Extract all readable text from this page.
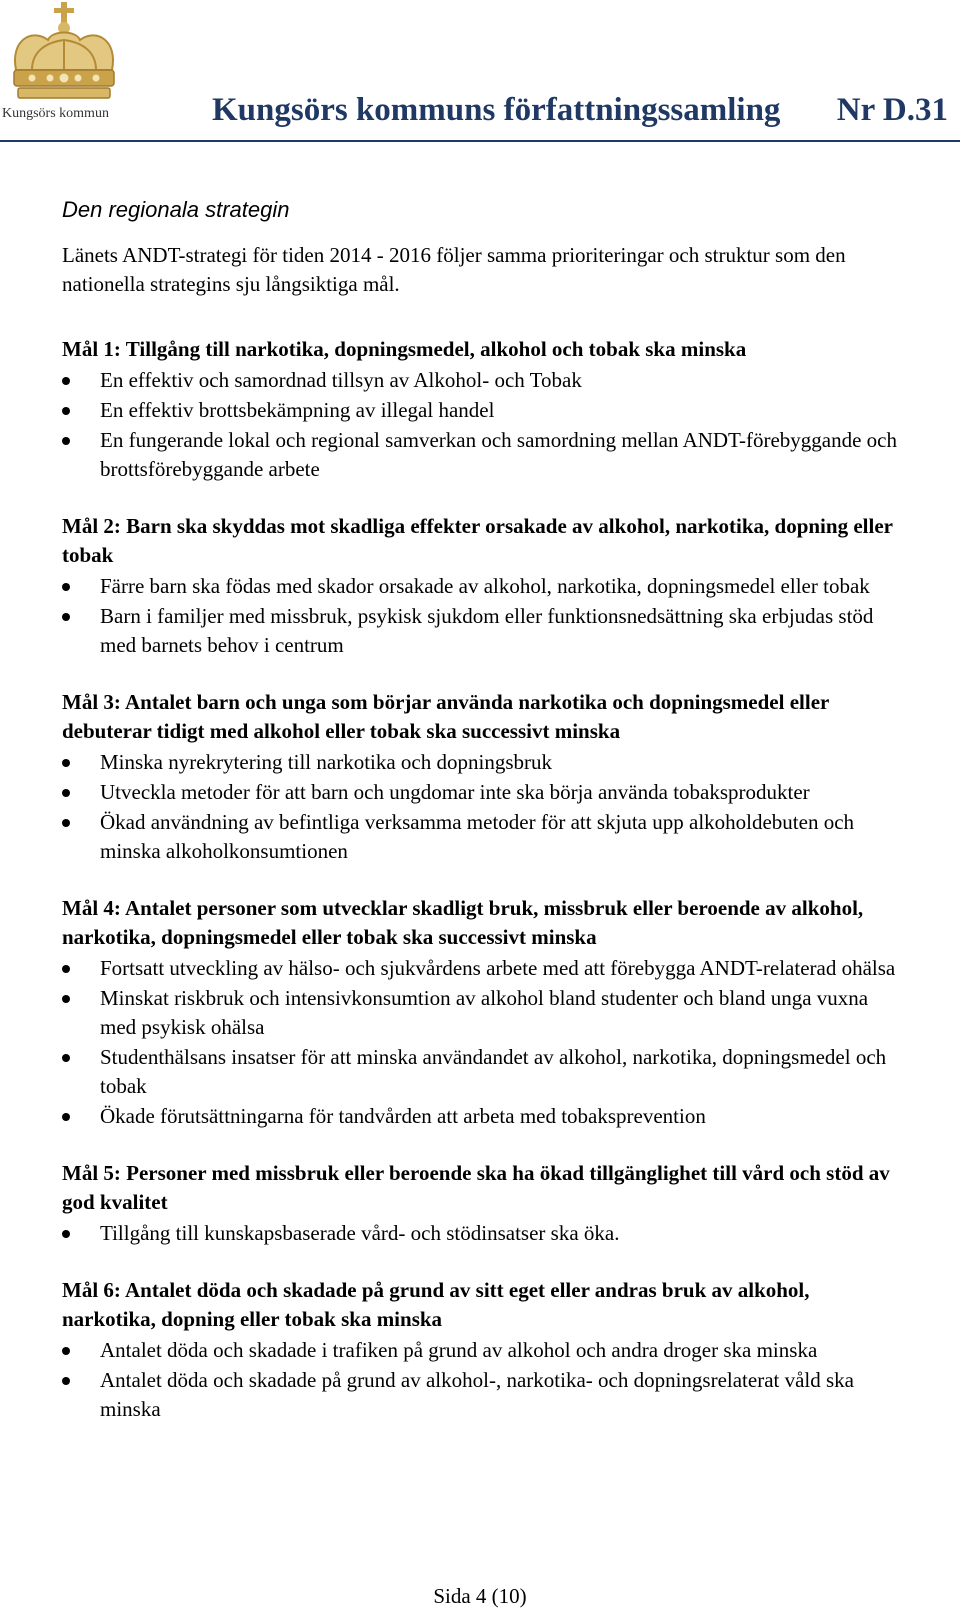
Kungsörs kommun	Kungsörs kommuns författningssamling Nr D.31
Den regionala strategin
Länets ANDT-strategi för tiden 2014 - 2016 följer samma prioriteringar och struktur som den nationella strategins sju långsiktiga mål.
Mål 1: Tillgång till narkotika, dopningsmedel, alkohol och tobak ska minska
En effektiv och samordnad tillsyn av Alkohol- och Tobak
En effektiv brottsbekämpning av illegal handel
En fungerande lokal och regional samverkan och samordning mellan ANDT-förebyggande och brottsförebyggande arbete
Mål 2: Barn ska skyddas mot skadliga effekter orsakade av alkohol, narkotika, dopning eller tobak
Färre barn ska födas med skador orsakade av alkohol, narkotika, dopningsmedel eller tobak
Barn i familjer med missbruk, psykisk sjukdom eller funktionsnedsättning ska erbjudas stöd med barnets behov i centrum
Mål 3: Antalet barn och unga som börjar använda narkotika och dopningsmedel eller debuterar tidigt med alkohol eller tobak ska successivt minska
Minska nyrekrytering till narkotika och dopningsbruk
Utveckla metoder för att barn och ungdomar inte ska börja använda tobaksprodukter
Ökad användning av befintliga verksamma metoder för att skjuta upp alkoholdebuten och minska alkoholkonsumtionen
Mål 4: Antalet personer som utvecklar skadligt bruk, missbruk eller beroende av alkohol, narkotika, dopningsmedel eller tobak ska successivt minska
Fortsatt utveckling av hälso- och sjukvårdens arbete med att förebygga ANDT-relaterad ohälsa
Minskat riskbruk och intensivkonsumtion av alkohol bland studenter och bland unga vuxna med psykisk ohälsa
Studenthälsans insatser för att minska användandet av alkohol, narkotika, dopningsmedel och tobak
Ökade förutsättningarna för tandvården att arbeta med tobaksprevention
Mål 5: Personer med missbruk eller beroende ska ha ökad tillgänglighet till vård och stöd av god kvalitet
Tillgång till kunskapsbaserade vård- och stödinsatser ska öka.
Mål 6: Antalet döda och skadade på grund av sitt eget eller andras bruk av alkohol, narkotika, dopning eller tobak ska minska
Antalet döda och skadade i trafiken på grund av alkohol och andra droger ska minska
Antalet döda och skadade på grund av alkohol-, narkotika- och dopningsrelaterat våld ska minska
Sida 4 (10)
